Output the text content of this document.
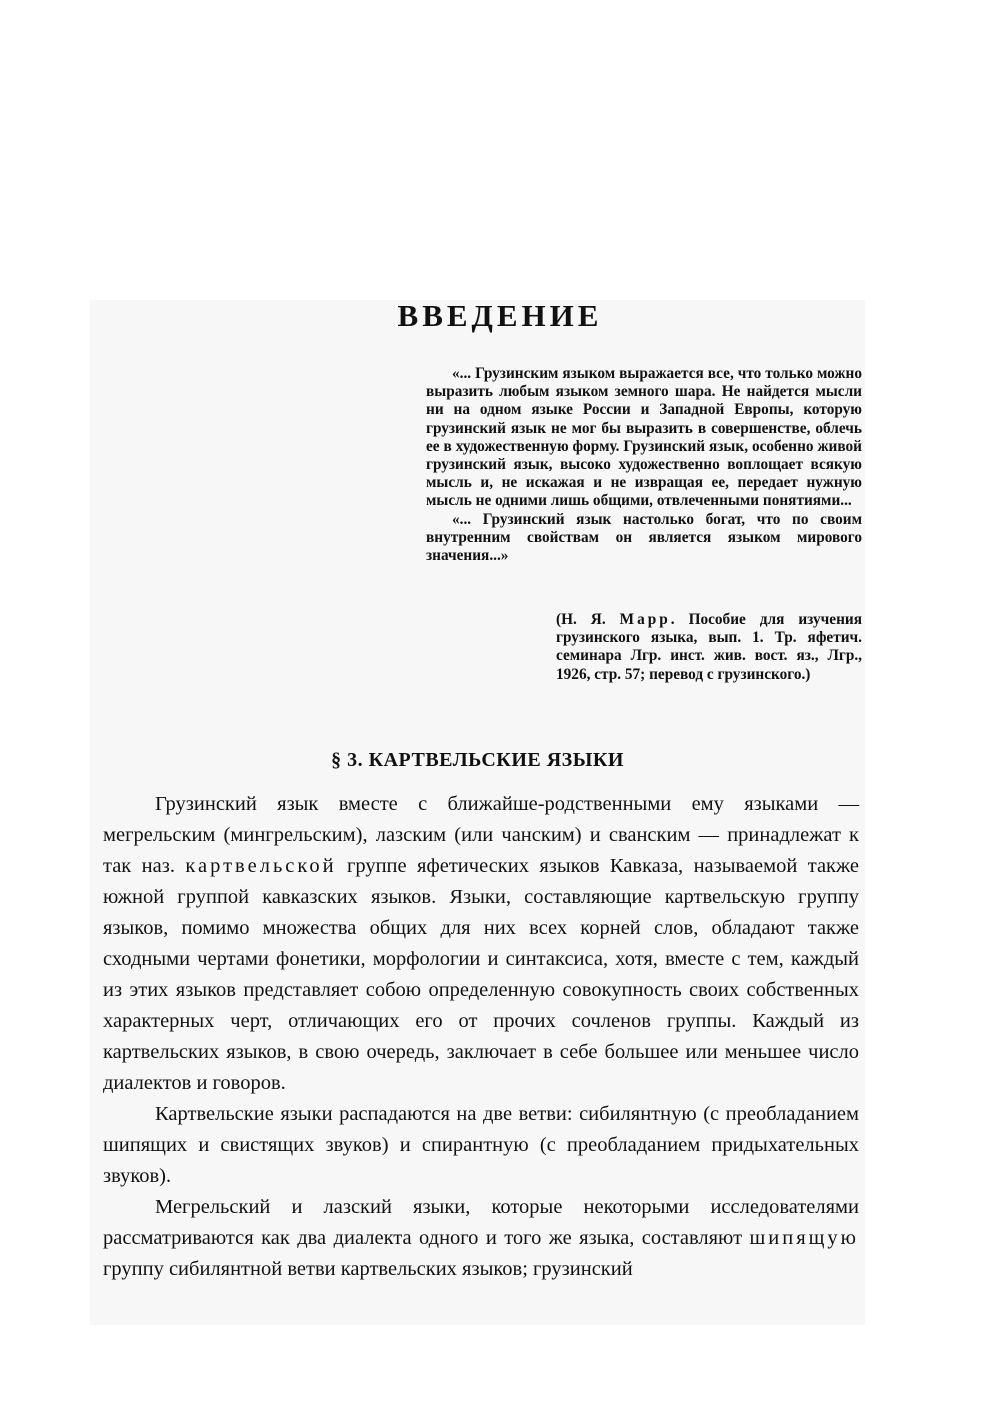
ВВЕДЕНИЕ

«... Грузинским языком выражается все, что только можно выразить любым языком земного шара. Не найдется мысли ни на одном языке России и Западной Европы, которую грузинский язык не мог бы выразить в совершенстве, облечь ее в художественную форму. Грузинский язык, особенно живой грузинский язык, высоко художественно воплощает всякую мысль и, не искажая и не извращая ее, передает нужную мысль не одними лишь общими, отвлеченными понятиями...

«... Грузинский язык настолько богат, что по своим внутренним свойствам он является языком мирового значения...»

(Н. Я. Марр. Пособие для изучения грузинского языка, вып. 1. Тр. яфетич. семинара Лгр. инст. жив. вост. яз., Лгр., 1926, стр. 57; перевод с грузинского.)

§ 3. КАРТВЕЛЬСКИЕ ЯЗЫКИ

Грузинский язык вместе с ближайше-родственными ему языками — мегрельским (мингрельским), лазским (или чанским) и сванским — принадлежат к так наз. картвельской группе яфетических языков Кавказа, называемой также южной группой кавказских языков. Языки, составляющие картвельскую группу языков, помимо множества общих для них всех корней слов, обладают также сходными чертами фонетики, морфологии и синтаксиса, хотя, вместе с тем, каждый из этих языков представляет собою определенную совокупность своих собственных характерных черт, отличающих его от прочих сочленов группы. Каждый из картвельских языков, в свою очередь, заключает в себе большее или меньшее число диалектов и говоров.

Картвельские языки распадаются на две ветви: сибилянтную (с преобладанием шипящих и свистящих звуков) и спирантную (с преобладанием придыхательных звуков).

Мегрельский и лазский языки, которые некоторыми исследователями рассматриваются как два диалекта одного и того же языка, составляют шипящую группу сибилянтной ветви картвельских языков; грузинский
